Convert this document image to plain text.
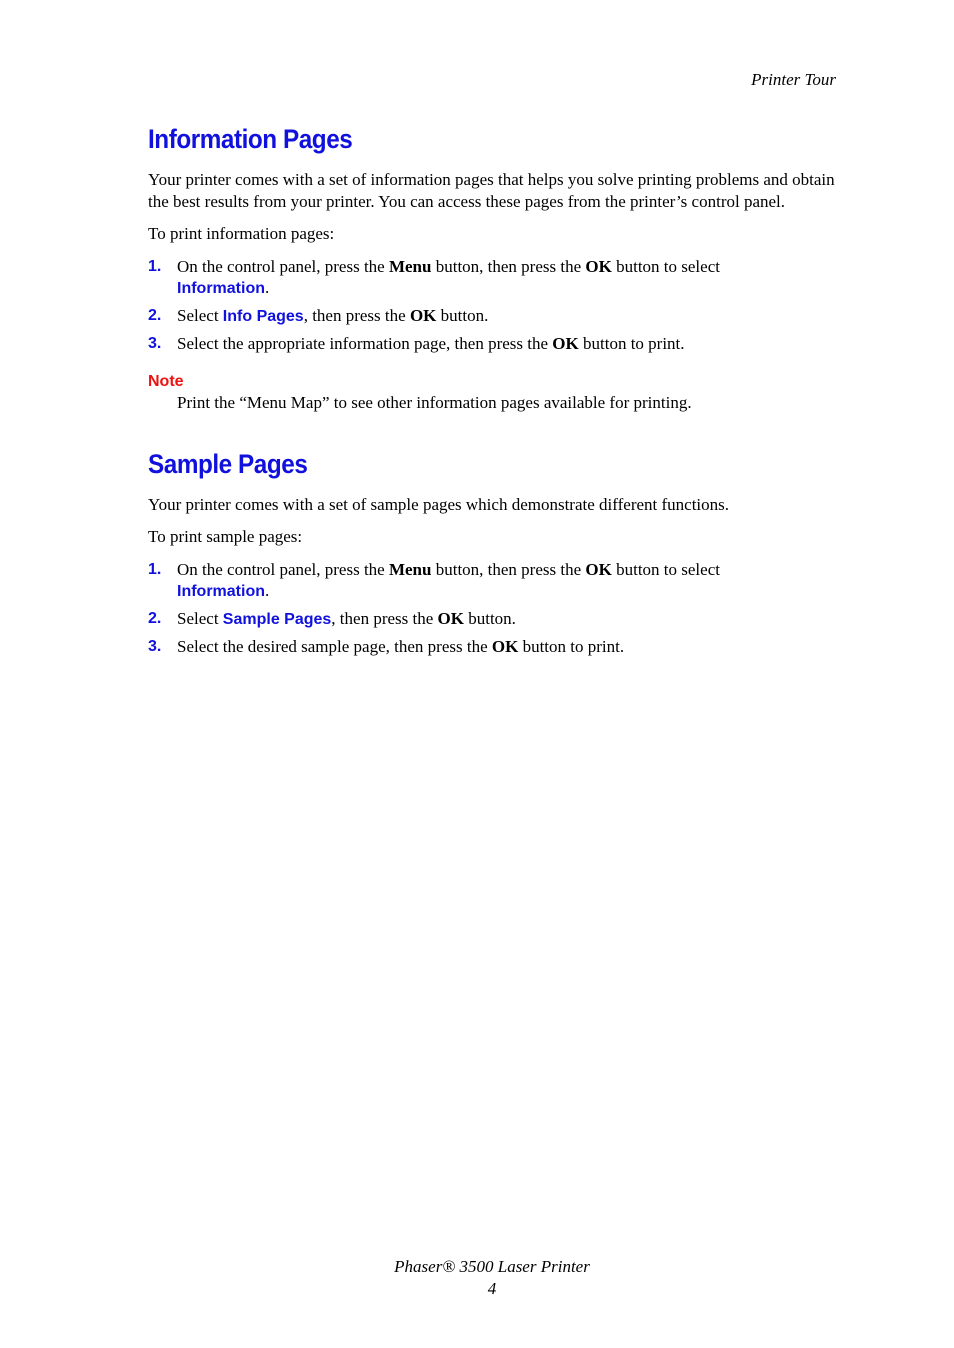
Printer Tour
Information Pages

Your printer comes with a set of information pages that helps you solve printing problems and obtain the best results from your printer. You can access these pages from the printer’s control panel.

To print information pages:

1. On the control panel, press the Menu button, then press the OK button to select
Information.
2. Select Info Pages, then press the OK button.
3. Select the appropriate information page, then press the OK button to print.
Note
Print the “Menu Map” to see other information pages available for printing.
Sample Pages

Your printer comes with a set of sample pages which demonstrate different functions.

To print sample pages:

1. On the control panel, press the Menu button, then press the OK button to select
Information.
2. Select Sample Pages, then press the OK button.
3. Select the desired sample page, then press the OK button to print.
Phaser® 3500 Laser Printer
4
